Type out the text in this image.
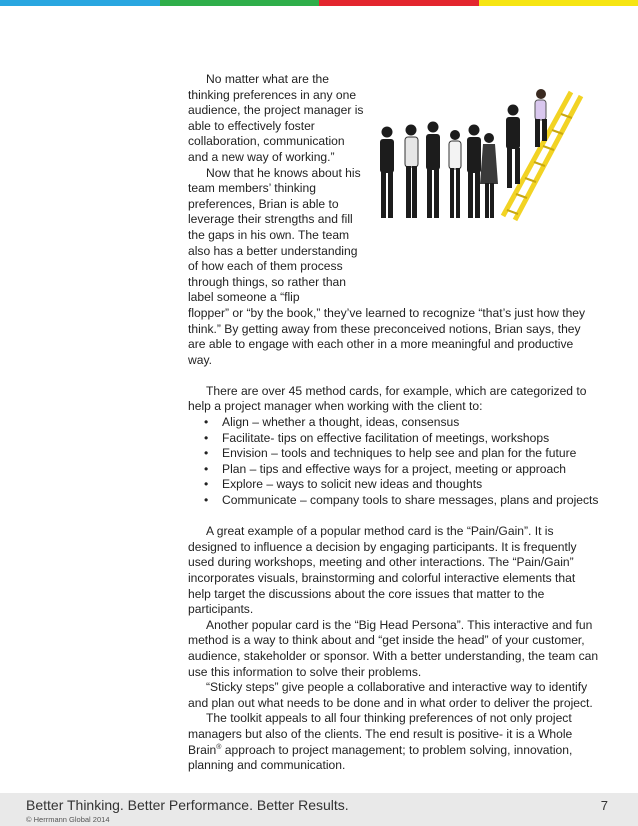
No matter what are the thinking preferences in any one audience, the project manager is able to effectively foster collaboration, communication and a new way of working.”

Now that he knows about his team members’ thinking preferences, Brian is able to leverage their strengths and fill the gaps in his own. The team also has a better understanding of how each of them process through things, so rather than label someone a “flip

flopper” or “by the book,” they’ve learned to recognize “that’s just how they think.” By getting away from these preconceived notions, Brian says, they are able to engage with each other in a more meaningful and productive way.

There are over 45 method cards, for example, which are categorized to help a project manager when working with the client to:

• Align – whether a thought, ideas, consensus
• Facilitate- tips on effective facilitation of meetings, workshops
• Envision – tools and techniques to help see and plan for the future
• Plan – tips and effective ways for a project, meeting or approach
• Explore – ways to solicit new ideas and thoughts
• Communicate – company tools to share messages, plans and projects

A great example of a popular method card is the “Pain/Gain”. It is designed to influence a decision by engaging participants. It is frequently used during workshops, meeting and other interactions. The “Pain/Gain” incorporates visuals, brainstorming and colorful interactive elements that help target the discussions about the core issues that matter to the participants.

Another popular card is the “Big Head Persona”. This interactive and fun method is a way to think about and “get inside the head” of your customer, audience, stakeholder or sponsor. With a better understanding, the team can use this information to solve their problems.

“Sticky steps” give people a collaborative and interactive way to identify and plan out what needs to be done and in what order to deliver the project.

The toolkit appeals to all four thinking preferences of not only project managers but also of the clients. The end result is positive- it is a Whole Brain® approach to project management; to problem solving, innovation, planning and communication.

Better Thinking. Better Performance. Better Results.	7
© Herrmann Global 2014
